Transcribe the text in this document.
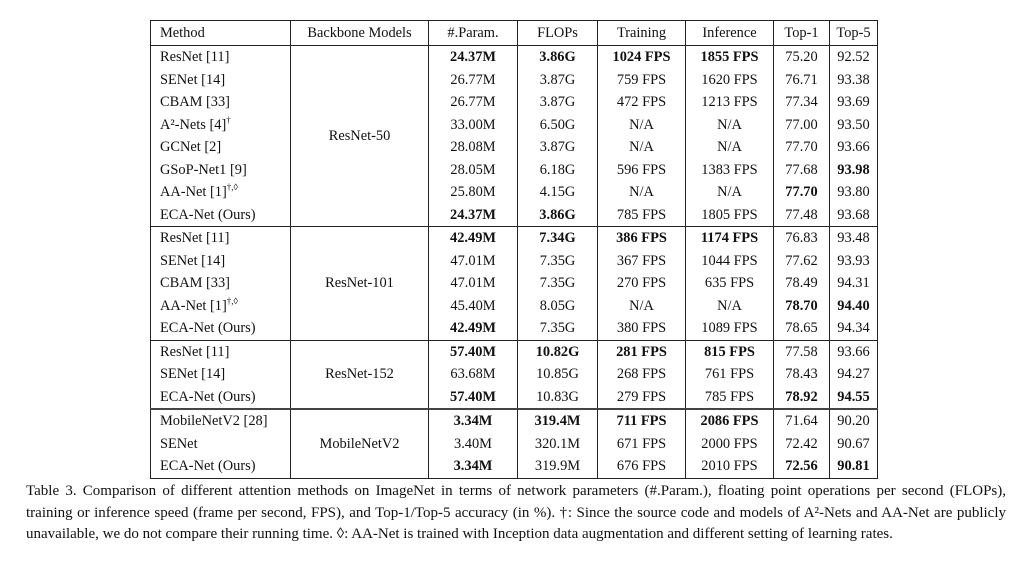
Method	Backbone Models	#.Param.	FLOPs	Training	Inference	Top-1	Top-5
ResNet [11]	ResNet-50	24.37M	3.86G	1024 FPS	1855 FPS	75.20	92.52
SENet [14]		26.77M	3.87G	759 FPS	1620 FPS	76.71	93.38
CBAM [33]		26.77M	3.87G	472 FPS	1213 FPS	77.34	93.69
A²-Nets [4]†		33.00M	6.50G	N/A	N/A	77.00	93.50
GCNet [2]		28.08M	3.87G	N/A	N/A	77.70	93.66
GSoP-Net1 [9]		28.05M	6.18G	596 FPS	1383 FPS	77.68	93.98
AA-Net [1]†,◊		25.80M	4.15G	N/A	N/A	77.70	93.80
ECA-Net (Ours)		24.37M	3.86G	785 FPS	1805 FPS	77.48	93.68
ResNet [11]	ResNet-101	42.49M	7.34G	386 FPS	1174 FPS	76.83	93.48
SENet [14]		47.01M	7.35G	367 FPS	1044 FPS	77.62	93.93
CBAM [33]		47.01M	7.35G	270 FPS	635 FPS	78.49	94.31
AA-Net [1]†,◊		45.40M	8.05G	N/A	N/A	78.70	94.40
ECA-Net (Ours)		42.49M	7.35G	380 FPS	1089 FPS	78.65	94.34
ResNet [11]	ResNet-152	57.40M	10.82G	281 FPS	815 FPS	77.58	93.66
SENet [14]		63.68M	10.85G	268 FPS	761 FPS	78.43	94.27
ECA-Net (Ours)		57.40M	10.83G	279 FPS	785 FPS	78.92	94.55
MobileNetV2 [28]	MobileNetV2	3.34M	319.4M	711 FPS	2086 FPS	71.64	90.20
SENet		3.40M	320.1M	671 FPS	2000 FPS	72.42	90.67
ECA-Net (Ours)		3.34M	319.9M	676 FPS	2010 FPS	72.56	90.81
Table 3. Comparison of different attention methods on ImageNet in terms of network parameters (#.Param.), floating point operations per second (FLOPs), training or inference speed (frame per second, FPS), and Top-1/Top-5 accuracy (in %). †: Since the source code and models of A²-Nets and AA-Net are publicly unavailable, we do not compare their running time. ◊: AA-Net is trained with Inception data augmentation and different setting of learning rates.
